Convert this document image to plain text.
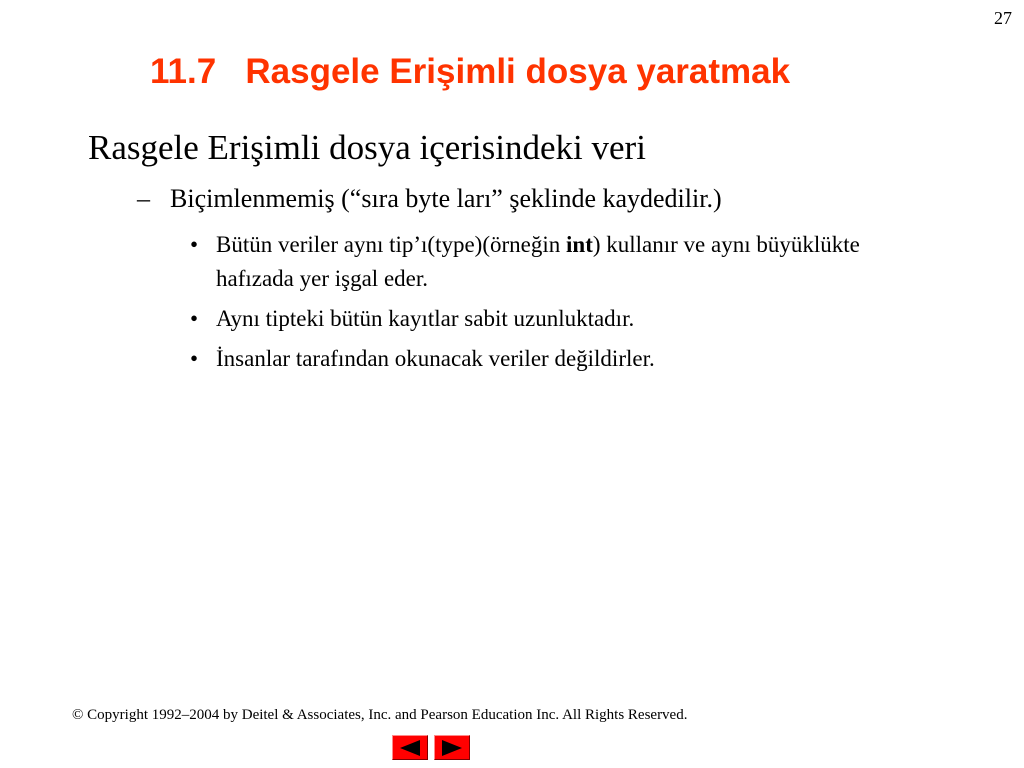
27
11.7   Rasgele Erişimli dosya yaratmak

Rasgele Erişimli dosya içerisindeki veri

– Biçimlenmemiş (“sıra byte ları” şeklinde kaydedilir.)

• Bütün veriler aynı tip’ı(type)(örneğin int) kullanır ve aynı büyüklükte hafızada yer işgal eder.
• Aynı tipteki bütün kayıtlar sabit uzunluktadır.
• İnsanlar tarafından okunacak veriler değildirler.
© Copyright 1992–2004 by Deitel & Associates, Inc. and Pearson Education Inc. All Rights Reserved.
